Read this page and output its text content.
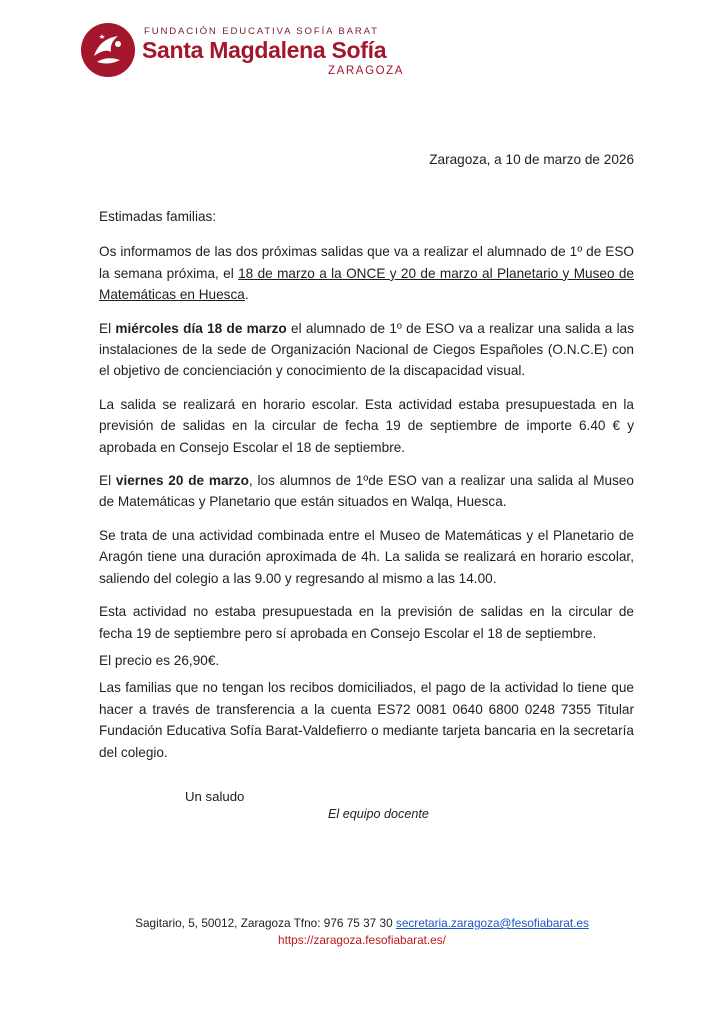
FUNDACIÓN EDUCATIVA SOFÍA BARAT
Santa Magdalena Sofía
ZARAGOZA
Zaragoza, a 10 de marzo de 2026

Estimadas familias:

Os informamos de las dos próximas salidas que va a realizar el alumnado de 1º de ESO la semana próxima, el 18 de marzo a la ONCE y 20 de marzo al Planetario y Museo de Matemáticas en Huesca.

El miércoles día 18 de marzo el alumnado de 1º de ESO va a realizar una salida a las instalaciones de la sede de Organización Nacional de Ciegos Españoles (O.N.C.E) con el objetivo de concienciación y conocimiento de la discapacidad visual.

La salida se realizará en horario escolar. Esta actividad estaba presupuestada en la previsión de salidas en la circular de fecha 19 de septiembre de importe 6.40 € y aprobada en Consejo Escolar el 18 de septiembre.

El viernes 20 de marzo, los alumnos de 1ºde ESO van a realizar una salida al Museo de Matemáticas y Planetario que están situados en Walqa, Huesca.

Se trata de una actividad combinada entre el Museo de Matemáticas y el Planetario de Aragón tiene una duración aproximada de 4h. La salida se realizará en horario escolar, saliendo del colegio a las 9.00 y regresando al mismo a las 14.00.

Esta actividad no estaba presupuestada en la previsión de salidas en la circular de fecha 19 de septiembre pero sí aprobada en Consejo Escolar el 18 de septiembre.

El precio es 26,90€.

Las familias que no tengan los recibos domiciliados, el pago de la actividad lo tiene que hacer a través de transferencia a la cuenta ES72 0081 0640 6800 0248 7355 Titular Fundación Educativa Sofía Barat-Valdefierro o mediante tarjeta bancaria en la secretaría del colegio.

Un saludo
El equipo docente
Sagitario, 5, 50012, Zaragoza Tfno: 976 75 37 30 secretaria.zaragoza@fesofiabarat.es
https://zaragoza.fesofiabarat.es/
